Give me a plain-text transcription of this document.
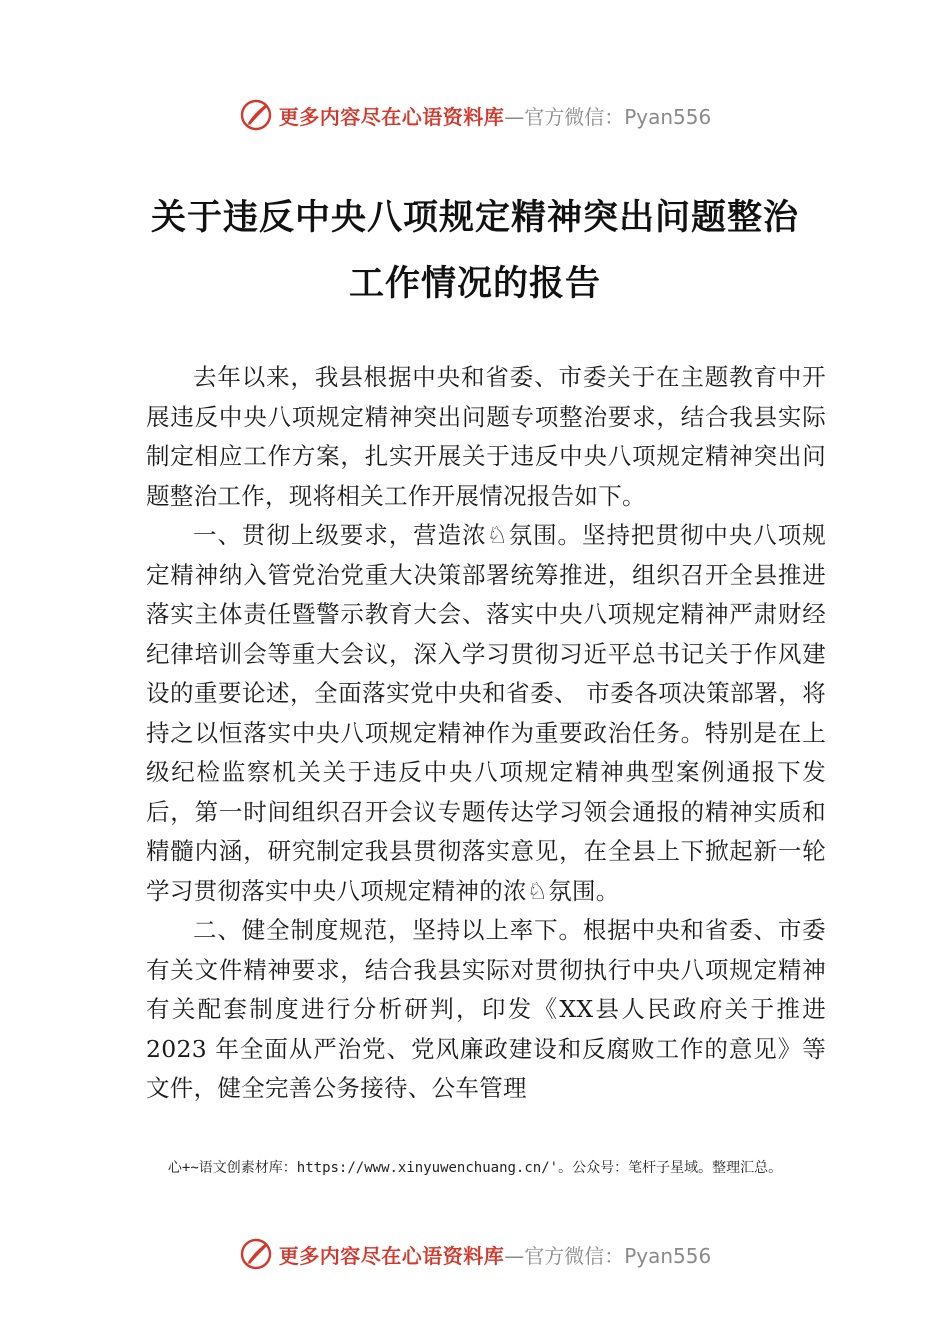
更多内容尽在心语资料库 —官方微信：Pyan556
关于违反中央八项规定精神突出问题整治
工作情况的报告

去年以来，我县根据中央和省委、市委关于在主题教育中开展违反中央八项规定精神突出问题专项整治要求，结合我县实际制定相应工作方案，扎实开展关于违反中央八项规定精神突出问题整治工作，现将相关工作开展情况报告如下。

一、贯彻上级要求，营造浓♘氛围。坚持把贯彻中央八项规定精神纳入管党治党重大决策部署统筹推进，组织召开全县推进落实主体责任暨警示教育大会、落实中央八项规定精神严肃财经纪律培训会等重大会议，深入学习贯彻习近平总书记关于作风建设的重要论述，全面落实党中央和省委、 市委各项决策部署，将持之以恒落实中央八项规定精神作为重要政治任务。特别是在上级纪检监察机关关于违反中央八项规定精神典型案例通报下发后，第一时间组织召开会议专题传达学习领会通报的精神实质和精髓内涵，研究制定我县贯彻落实意见，在全县上下掀起新一轮学习贯彻落实中央八项规定精神的浓♘氛围。

二、健全制度规范，坚持以上率下。根据中央和省委、市委有关文件精神要求，结合我县实际对贯彻执行中央八项规定精神有关配套制度进行分析研判，印发《XX县人民政府关于推进 2023 年全面从严治党、党风廉政建设和反腐败工作的意见》等文件，健全完善公务接待、公车管理

心+~语文创素材库：https://www.xinyuwenchuang.cn/'。公众号：笔杆子星域。整理汇总。
更多内容尽在心语资料库 —官方微信：Pyan556
